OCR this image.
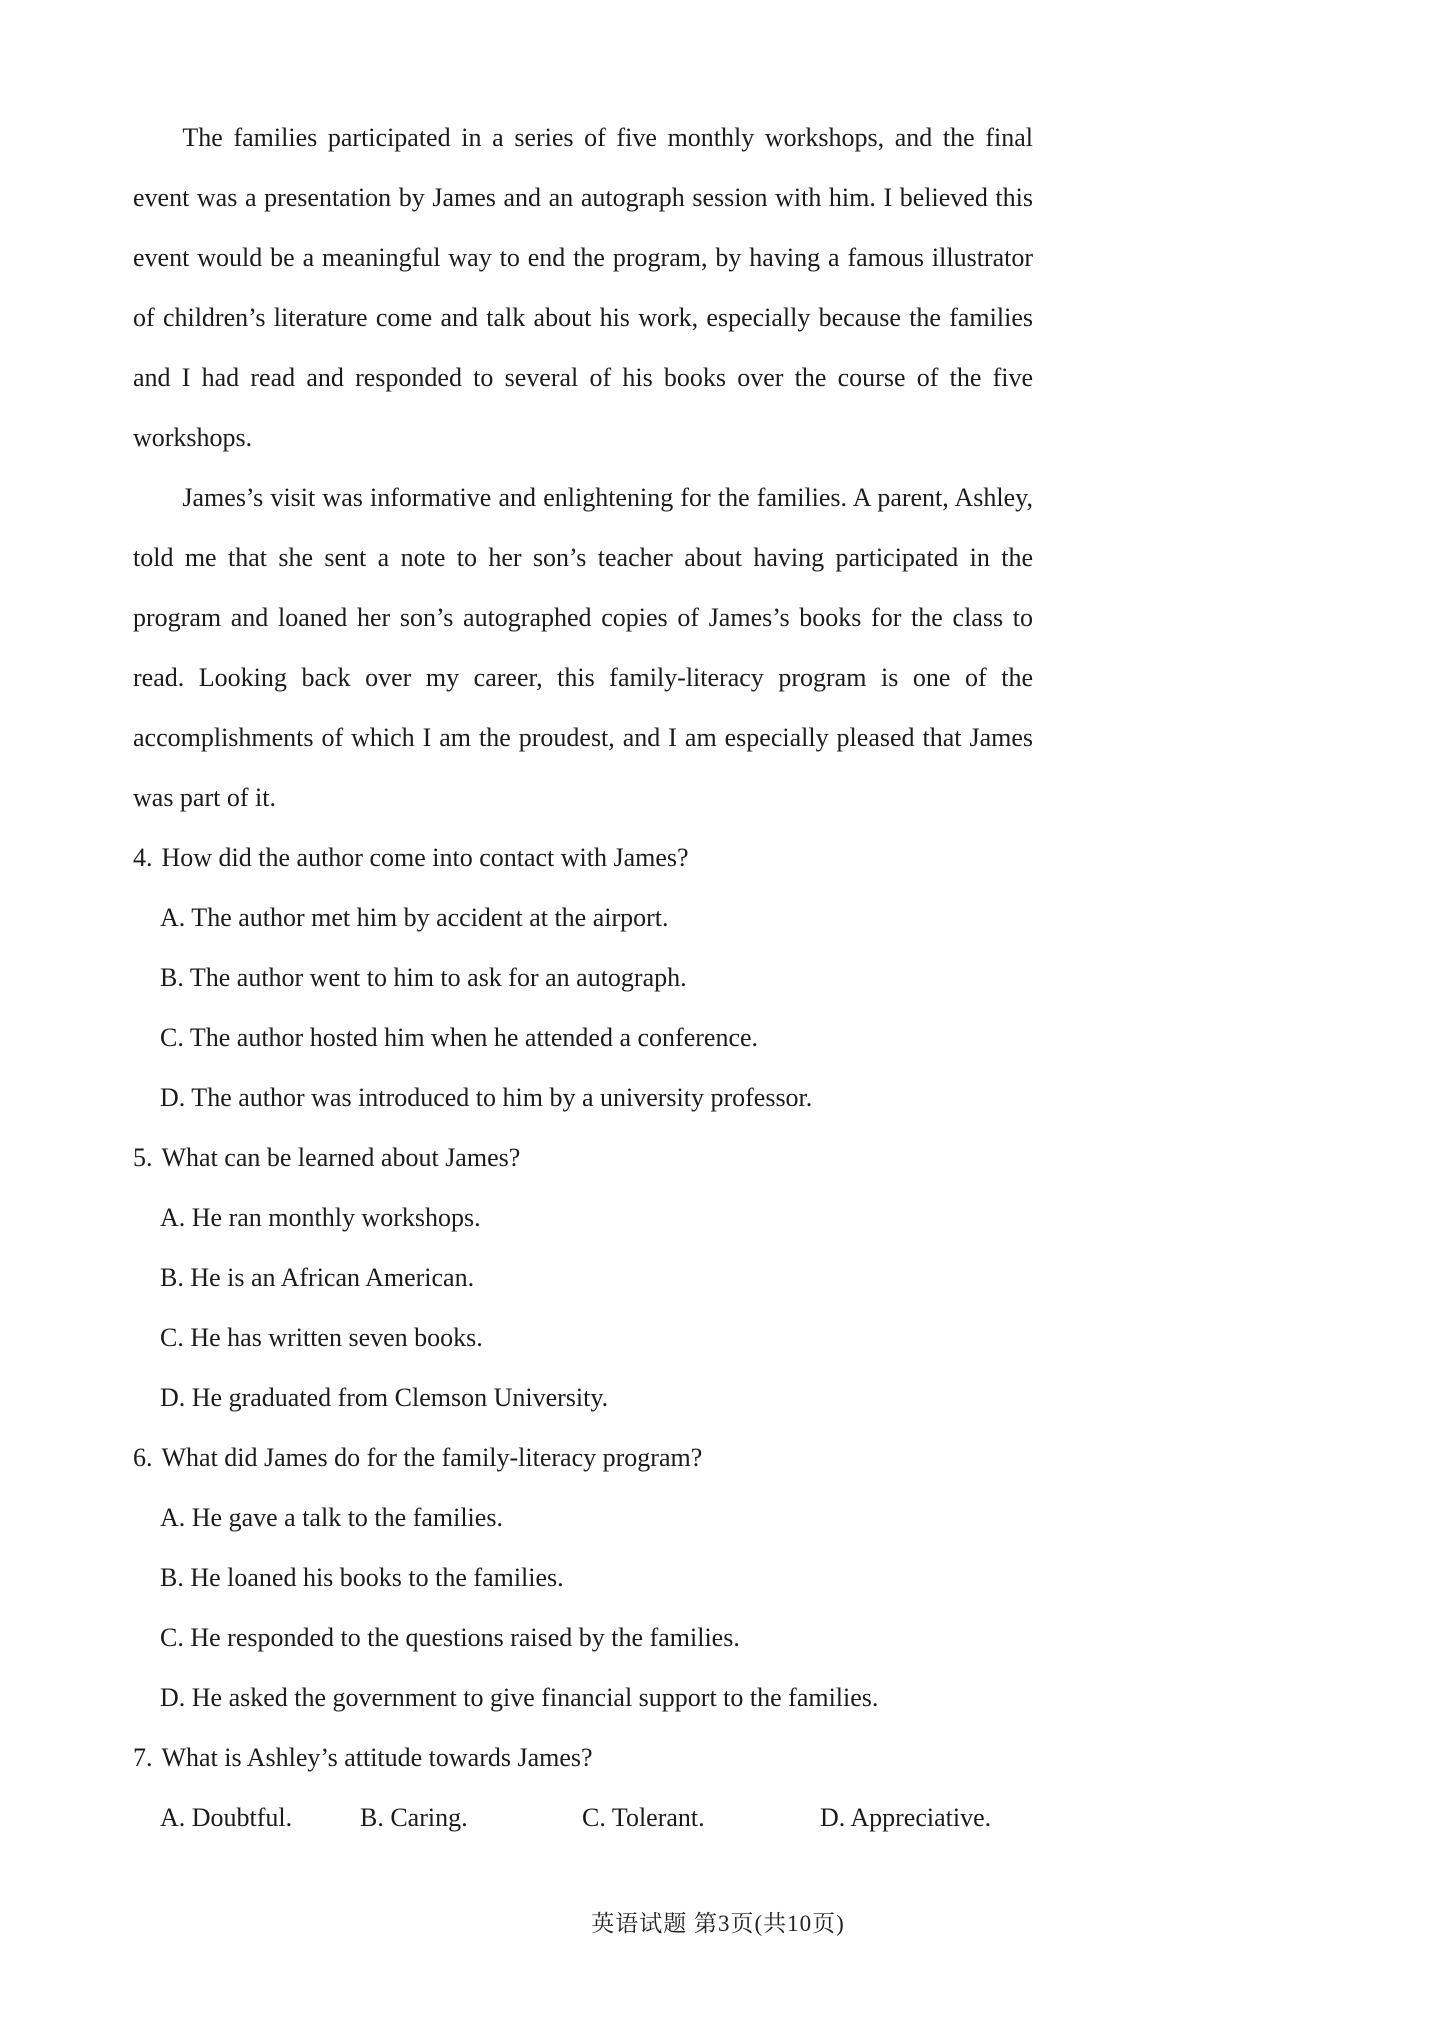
The families participated in a series of five monthly workshops, and the final event was a presentation by James and an autograph session with him. I believed this event would be a meaningful way to end the program, by having a famous illustrator of children’s literature come and talk about his work, especially because the families and I had read and responded to several of his books over the course of the five workshops.

James’s visit was informative and enlightening for the families. A parent, Ashley, told me that she sent a note to her son’s teacher about having participated in the program and loaned her son’s autographed copies of James’s books for the class to read. Looking back over my career, this family-literacy program is one of the accomplishments of which I am the proudest, and I am especially pleased that James was part of it.

4. How did the author come into contact with James?
A. The author met him by accident at the airport.
B. The author went to him to ask for an autograph.
C. The author hosted him when he attended a conference.
D. The author was introduced to him by a university professor.
5. What can be learned about James?
A. He ran monthly workshops.
B. He is an African American.
C. He has written seven books.
D. He graduated from Clemson University.
6. What did James do for the family-literacy program?
A. He gave a talk to the families.
B. He loaned his books to the families.
C. He responded to the questions raised by the families.
D. He asked the government to give financial support to the families.
7. What is Ashley’s attitude towards James?
A. Doubtful.	B. Caring.	C. Tolerant.	D. Appreciative.
英语试题 第3页(共10页)
